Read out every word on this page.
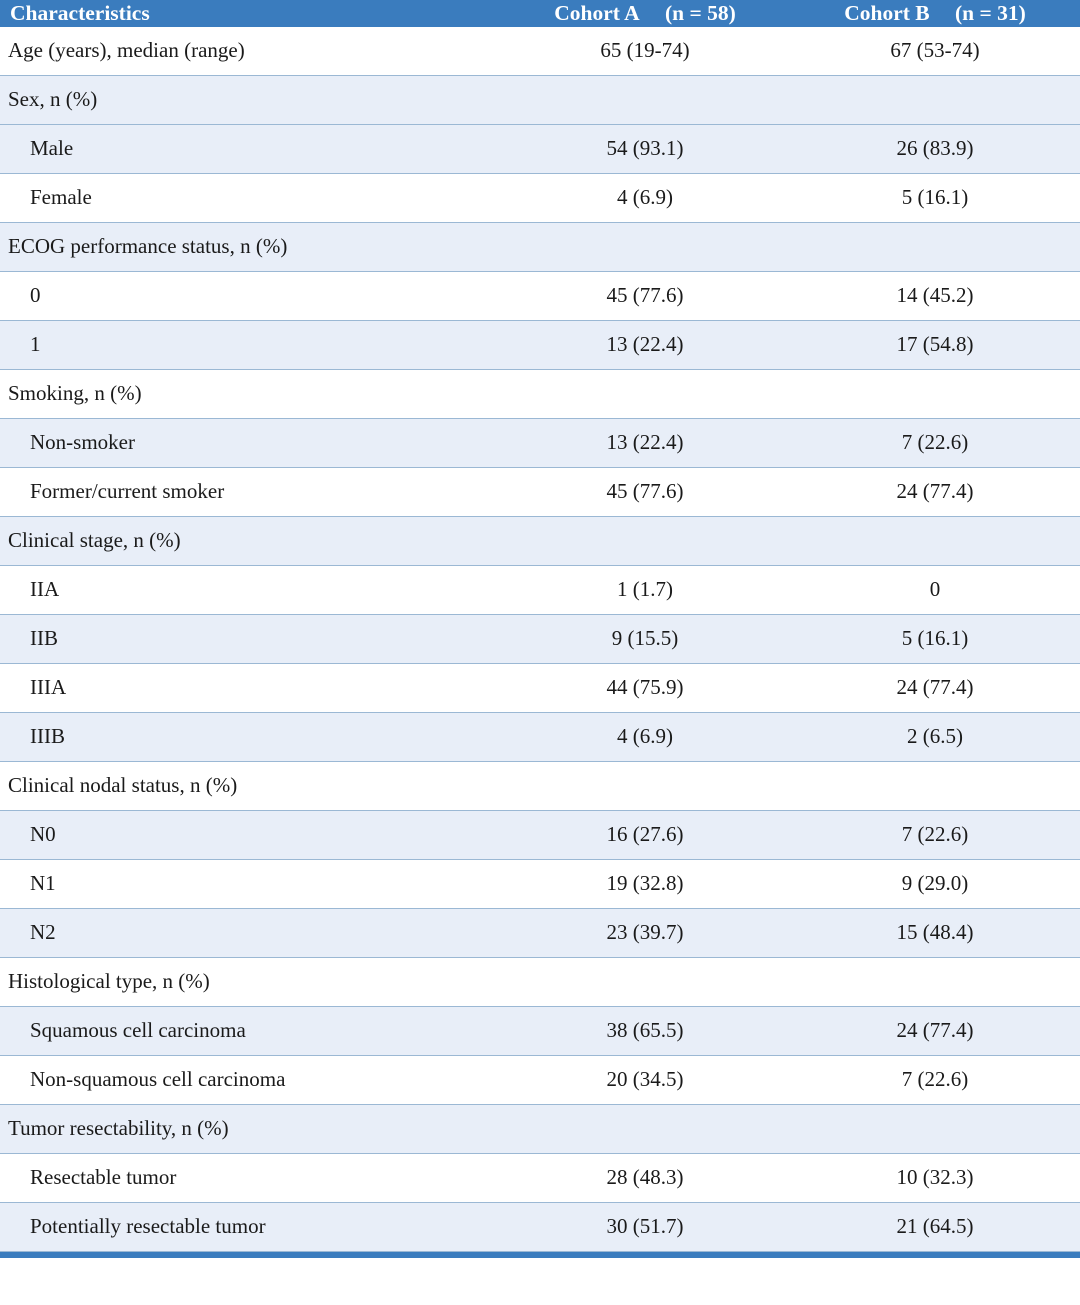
Characteristics	Cohort A (n = 58)	Cohort B (n = 31)

Age (years), median (range)	65 (19-74)	67 (53-74)

Sex, n (%)		

Male	54 (93.1)	26 (83.9)

Female	4 (6.9)	5 (16.1)

ECOG performance status, n (%)		

0	45 (77.6)	14 (45.2)

1	13 (22.4)	17 (54.8)

Smoking, n (%)		

Non-smoker	13 (22.4)	7 (22.6)

Former/current smoker	45 (77.6)	24 (77.4)

Clinical stage, n (%)		

IIA	1 (1.7)	0

IIB	9 (15.5)	5 (16.1)

IIIA	44 (75.9)	24 (77.4)

IIIB	4 (6.9)	2 (6.5)

Clinical nodal status, n (%)		

N0	16 (27.6)	7 (22.6)

N1	19 (32.8)	9 (29.0)

N2	23 (39.7)	15 (48.4)

Histological type, n (%)		

Squamous cell carcinoma	38 (65.5)	24 (77.4)

Non-squamous cell carcinoma	20 (34.5)	7 (22.6)

Tumor resectability, n (%)		

Resectable tumor	28 (48.3)	10 (32.3)

Potentially resectable tumor	30 (51.7)	21 (64.5)
